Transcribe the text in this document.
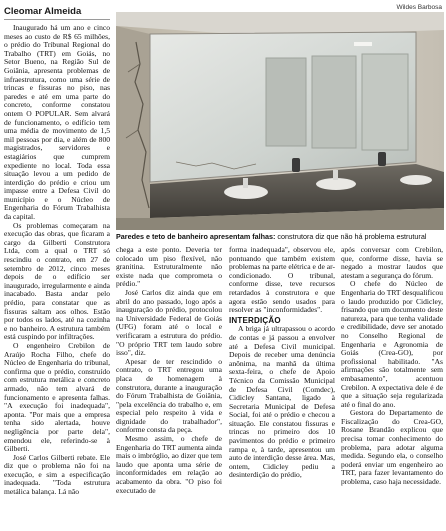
Cleomar Almeida	Wildes Barbosa
Paredes e teto de banheiro apresentam falhas: construtora diz que não há problema estrutural

Inaugurado há um ano e cinco meses ao custo de R$ 65 milhões, o prédio do Tribunal Regional do Trabalho (TRT) em Goiás, no Setor Bueno, na Região Sul de Goiânia, apresenta problemas de infraestrutura, como uma série de trincas e fissuras no piso, nas paredes e até em uma parte do concreto, conforme constatou ontem O POPULAR. Sem alvará de funcionamento, o edifício tem uma média de movimento de 1,5 mil pessoas por dia, e além de 800 magistrados, servidores e estagiários que cumprem expediente no local. Toda essa situação levou a um pedido de interdição do prédio e criou um impasse entre a Defesa Civil do município e o Núcleo de Engenharia do Fórum Trabalhista da capital.

Os problemas começaram na execução das obras, que ficaram a cargo da Gilberti Construtora Ltda, com a qual o TRT só rescindiu o contrato, em 27 de setembro de 2012, cinco meses depois de o edifício ser inaugurado, irregularmente e ainda inacabado. Basta andar pelo prédio, para constatar que as fissuras saltam aos olhos. Estão por todos os lados, até na cozinha e no banheiro. A estrutura também está cuspindo por infiltrações.

O engenheiro Crebilon de Araújo Rocha Filho, chefe do Núcleo de Engenharia do tribunal, confirma que o prédio, construído com estrutura metálica e concreto armado, não tem alvará de funcionamento e apresenta falhas. "A execução foi inadequada", aponta. "Por mais que a empresa tenha sido alertada, houve negligência por parte dela", emendou ele, referindo-se à Gilberti.

José Carlos Gilberti rebate. Ele diz que o problema não foi na execução, e sim a especificação inadequada. "Toda estrutura metálica balança. Lá não

chega a este ponto. Deveria ter colocado um piso flexível, não granitina. Estruturalmente não existe nada que comprometa o prédio."

José Carlos diz ainda que em abril do ano passado, logo após a inauguração do prédio, protocolou na Universidade Federal de Goiás (UFG) foram até o local e verificaram a estrutura do prédio. "O próprio TRT tem laudo sobre isso", diz.

Apesar de ter rescindido o contrato, o TRT entregou uma placa de homenagem à construtora, durante a inauguração do Fórum Trabalhista de Goiânia, "pela excelência do trabalho e, em especial pelo respeito à vida e dignidade do trabalhador", conforme consta da peça.

Mesmo assim, o chefe de Engenharia do TRT aumenta ainda mais o imbróglio, ao dizer que tem laudo que aponta uma série de inconformidades em relação ao acabamento da obra. "O piso foi executado de

forma inadequada", observou ele, pontuando que também existem problemas na parte elétrica e de ar-condicionado. O tribunal, conforme disse, teve recursos retardados à construtora e que agora estão sendo usados para resolver as "inconformidades".

INTERDIÇÃO

A briga já ultrapassou o acordo de contas e já passou a envolver até a Defesa Civil municipal. Depois de receber uma denúncia anônima, na manhã da última sexta-feira, o chefe de Apoio Técnico da Comissão Municipal de Defesa Civil (Comdec), Cidicley Santana, ligado à Secretaria Municipal de Defesa Social, foi até o prédio e checou a situação. Ele constatou fissuras e trincas no primeiro dos 10 pavimentos do prédio e primeiro rampa e, à tarde, apresentou um auto de interdição desse área. Mas, ontem, Cidicley pediu a desinterdição do prédio,

após conversar com Crebilon, que, conforme disse, havia se negado a mostrar laudos que atestam a segurança do fórum.

O chefe do Núcleo de Engenharia do TRT desqualificou o laudo produzido por Cidicley, frisando que um documento deste natureza, para que tenha validade e credibilidade, deve ser anotado no Conselho Regional de Engenharia e Agronomia de Goiás (Crea-GO), por profissional habilitado. "As afirmações são totalmente sem embasamento", acentuou Crebilon. A expectativa dele é de que a situação seja regularizada até o final do ano.

Gestora do Departamento de Fiscalização do Crea-GO, Rosane Brandão explicou que precisa tomar conhecimento do problema, para adotar alguma medida. Segundo ela, o conselho poderá enviar um engenheiro ao TRT, para fazer levantamento do problema, caso haja necessidade.
